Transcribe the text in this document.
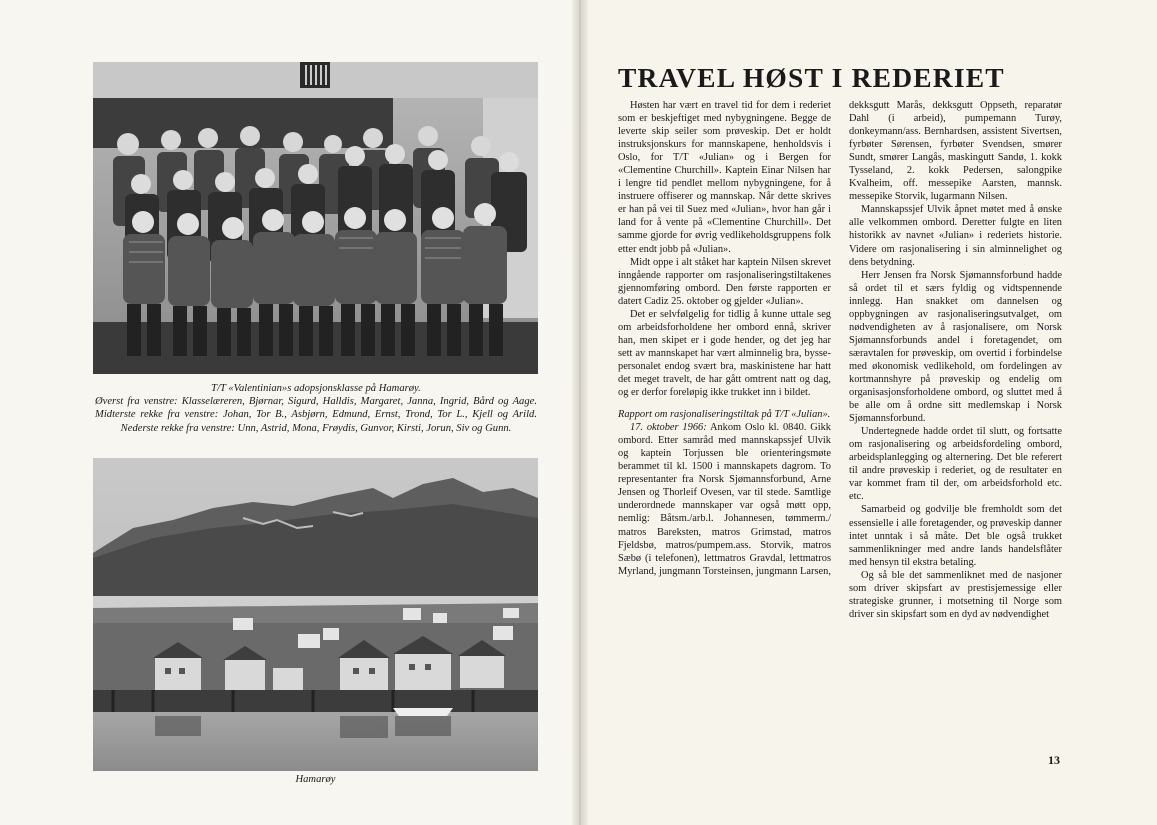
T/T «Valentinian»s adopsjonsklasse på Hamarøy.
Øverst fra venstre: Klasselæreren, Bjørnar, Sigurd, Halldis, Margaret, Janna, Ingrid, Bård og Aage. Midterste rekke fra venstre: Johan, Tor B., Asbjørn, Edmund, Ernst, Trond, Tor L., Kjell og Arild. Nederste rekke fra venstre: Unn, Astrid, Mona, Frøydis, Gunvor, Kirsti, Jorun, Siv og Gunn.
Hamarøy
TRAVEL HØST I REDERIET

Høsten har vært en travel tid for dem i rederiet som er beskjeftiget med nybygningene. Begge de leverte skip seiler som prøveskip. Det er holdt instruksjonskurs for mannskapene, henholdsvis i Oslo, for T/T «Julian» og i Bergen for «Clementine Churchill». Kaptein Einar Nilsen har i lengre tid pendlet mellom nybygningene, for å instruere offiserer og mannskap. Når dette skrives er han på vei til Suez med «Julian», hvor han går i land for å vente på «Clementine Churchill». Det samme gjorde for øvrig vedlikeholdsgruppens folk etter endt jobb på «Julian».

Midt oppe i alt ståket har kaptein Nilsen skrevet inngående rapporter om rasjonaliseringstiltakenes gjennomføring ombord. Den første rapporten er datert Cadiz 25. oktober og gjelder «Julian».

Det er selvfølgelig for tidlig å kunne uttale seg om arbeidsforholdene her ombord ennå, skriver han, men skipet er i gode hender, og det jeg har sett av mannskapet har vært alminnelig bra, bysse-personalet endog svært bra, maskinistene har hatt det meget travelt, de har gått omtrent natt og dag, og er derfor foreløpig ikke trukket inn i bildet.

Rapport om rasjonaliseringstiltak på T/T «Julian».

17. oktober 1966: Ankom Oslo kl. 0840. Gikk ombord. Etter samråd med mannskapssjef Ulvik og kaptein Torjussen ble orienteringsmøte berammet til kl. 1500 i mannskapets dagrom. To representanter fra Norsk Sjømannsforbund, Arne Jensen og Thorleif Ovesen, var til stede. Samtlige underordnede mannskaper var også møtt opp, nemlig: Båtsm./arb.l. Johannesen, tømmerm./ matros Bareksten, matros Grimstad, matros Fjeldsbø, matros/pumpem.ass. Storvik, matros Sæbø (i telefonen), lettmatros Gravdal, lettmatros Myrland, jungmann Torsteinsen, jungmann Larsen,

dekksgutt Marås, dekksgutt Oppseth, reparatør Dahl (i arbeid), pumpemann Turøy, donkeymann/ass. Bernhardsen, assistent Sivertsen, fyrbøter Sørensen, fyrbøter Svendsen, smører Sundt, smører Langås, maskingutt Sandø, 1. kokk Tysseland, 2. kokk Pedersen, salongpike Kvalheim, off. messepike Aarsten, mannsk. messepike Storvik, lugarmann Nilsen.

Mannskapssjef Ulvik åpnet møtet med å ønske alle velkommen ombord. Deretter fulgte en liten historikk av navnet «Julian» i rederiets historie. Videre om rasjonalisering i sin alminnelighet og dens betydning.

Herr Jensen fra Norsk Sjømannsforbund hadde så ordet til et særs fyldig og vidtspennende innlegg. Han snakket om dannelsen og oppbygningen av rasjonaliseringsutvalget, om nødvendigheten av å rasjonalisere, om Norsk Sjømannsforbunds andel i foretagendet, om særavtalen for prøveskip, om overtid i forbindelse med økonomisk vedlikehold, om fordelingen av kortmannshyre på prøveskip og endelig om organisasjonsforholdene ombord, og sluttet med å be alle om å ordne sitt medlemskap i Norsk Sjømannsforbund.

Undertegnede hadde ordet til slutt, og fortsatte om rasjonalisering og arbeidsfordeling ombord, arbeidsplanlegging og alternering. Det ble referert til andre prøveskip i rederiet, og de resultater en var kommet fram til der, om arbeidsforhold etc. etc.

Samarbeid og godvilje ble fremholdt som det essensielle i alle foretagender, og prøveskip danner intet unntak i så måte. Det ble også trukket sammenlikninger med andre lands handelsflåter med hensyn til ekstra betaling.

Og så ble det sammenliknet med de nasjoner som driver skipsfart av prestisjemessige eller strategiske grunner, i motsetning til Norge som driver sin skipsfart som en dyd av nødvendighet

13
